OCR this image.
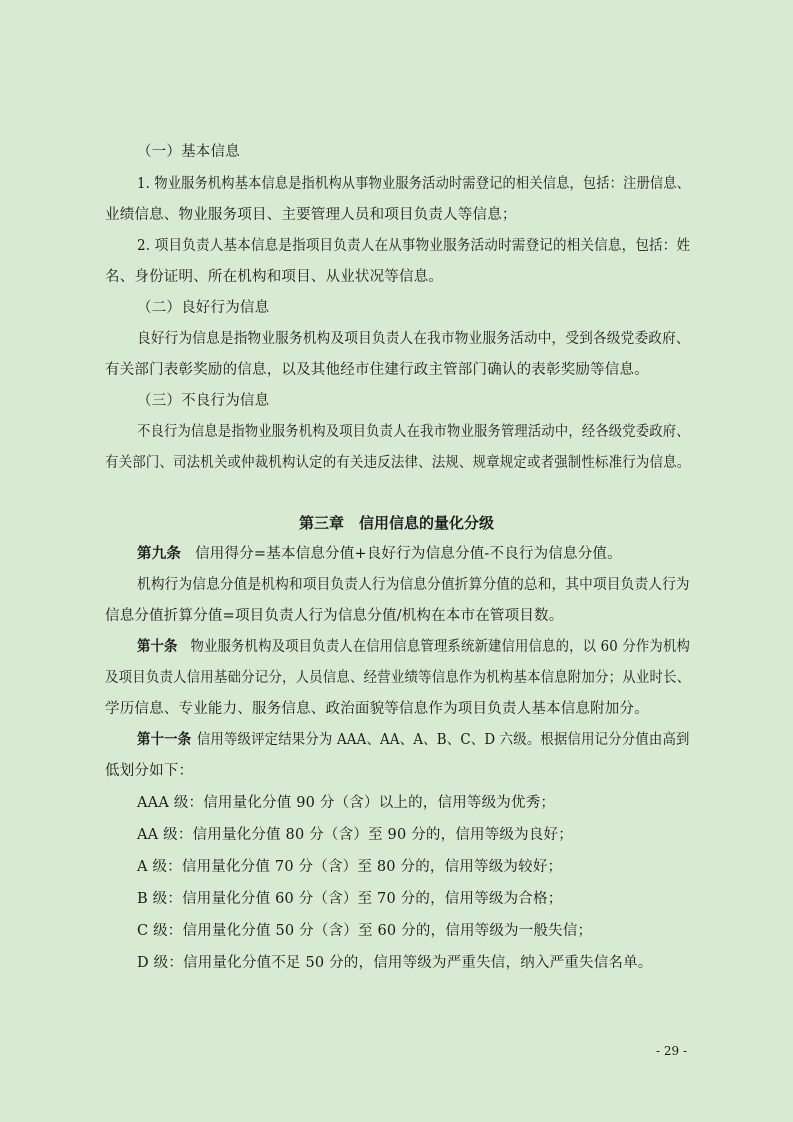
（一）基本信息
1. 物业服务机构基本信息是指机构从事物业服务活动时需登记的相关信息，包括：注册信息、
业绩信息、物业服务项目、主要管理人员和项目负责人等信息；
2. 项目负责人基本信息是指项目负责人在从事物业服务活动时需登记的相关信息，包括：姓
名、身份证明、所在机构和项目、从业状况等信息。
（二）良好行为信息
良好行为信息是指物业服务机构及项目负责人在我市物业服务活动中，受到各级党委政府、
有关部门表彰奖励的信息，以及其他经市住建行政主管部门确认的表彰奖励等信息。
（三）不良行为信息
不良行为信息是指物业服务机构及项目负责人在我市物业服务管理活动中，经各级党委政府、
有关部门、司法机关或仲裁机构认定的有关违反法律、法规、规章规定或者强制性标准行为信息。
第三章　信用信息的量化分级
第九条 信用得分=基本信息分值+良好行为信息分值-不良行为信息分值。
机构行为信息分值是机构和项目负责人行为信息分值折算分值的总和，其中项目负责人行为
信息分值折算分值=项目负责人行为信息分值/机构在本市在管项目数。
第十条 物业服务机构及项目负责人在信用信息管理系统新建信用信息的，以 60 分作为机构
及项目负责人信用基础分记分，人员信息、经营业绩等信息作为机构基本信息附加分；从业时长、
学历信息、专业能力、服务信息、政治面貌等信息作为项目负责人基本信息附加分。
第十一条 信用等级评定结果分为 AAA、AA、A、B、C、D 六级。根据信用记分分值由高到
低划分如下：
AAA 级：信用量化分值 90 分（含）以上的，信用等级为优秀；
AA 级：信用量化分值 80 分（含）至 90 分的，信用等级为良好；
A 级：信用量化分值 70 分（含）至 80 分的，信用等级为较好；
B 级：信用量化分值 60 分（含）至 70 分的，信用等级为合格；
C 级：信用量化分值 50 分（含）至 60 分的，信用等级为一般失信；
D 级：信用量化分值不足 50 分的，信用等级为严重失信，纳入严重失信名单。
- 29 -
